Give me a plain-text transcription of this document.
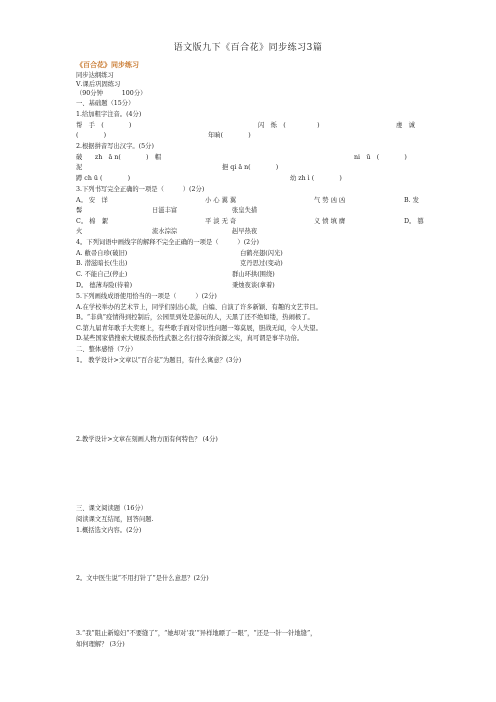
语文版九下《百合花》同步练习3篇
《百合花》同步练习
同步达纲练习
Ⅴ.课后巩固练习
（90分钟　　　100分）
一、基础题（15分）
1.给加粗字注音。(4分)
帮　手　(　　　　)	闪　烁　(　　　　　)	虔　诚
(　　　　)	年晌(　　　　)
2.根据拼音写出汉字。(5分)
破　　zh　ā n(　　　　)　帽	ni　ū　(　　　　)
泥	挹 qi ā n(　　　　)
蹲 ch ū (　　　　)	幼 zh ì (　　　　)
3.下列书写完全正确的一项是（　　　）(2分)
A。 安　详	小 心 翼 翼	气 势 凶 凶	B. 发
髻	日滋丰富	张皇失措
C。 棉　絮	平 淡 无 奇	义 愤 填 膺	D。 篡
火	流水淙淙	赳早热夜
4。下列词语中画线字的解释不完全正确的一项是（　　　）(2分)
A. 敝帚自珍(破旧)	白鹤亮翅(闪光)
B. 潜滋暗长(生出)	克丹思过(变动)
C. 不能自己(停止)	群山环拱(围绕)
D。 德薄寿险(待着)	秉烛夜谈(拿着)
5.下列画线成语使用恰当的一项是（　　　）(2分)
A.在学校举办的艺术节上，同学们别出心裁，自编、自演了许多新颖、有趣的文艺节目。
B。“非典”疫情得到控制后，公园里到处是游玩的人，天黑了还不绝如缕，热闹极了。
C.第九届青年歌手大奖赛上，有些歌手面对常识性问题一筹莫展，胆战无闻，令人失望。
D.某些国家借搜索大规模杀伤性武器之名行掠夺油资源之实，真可谓是事半功倍。
二、整体感悟（7分）
1。 教学设计>文章以“百合花”为题目，有什么寓意？(3分)
2.教学设计>文章在刻画人物方面有何特色？ (4分)
三、课文阅读题（16分）
阅读课文互结尾，回答问题.
1.概括选文内容。(2分)
2。文中医生说“不用打针了”是什么意思？(2分)
3.“我”阻止新媳妇“不要缝了”，“她却对‘我’“异样地瞟了一眼”，“还是一针一针地缝”，
如何理解？ (3分)
